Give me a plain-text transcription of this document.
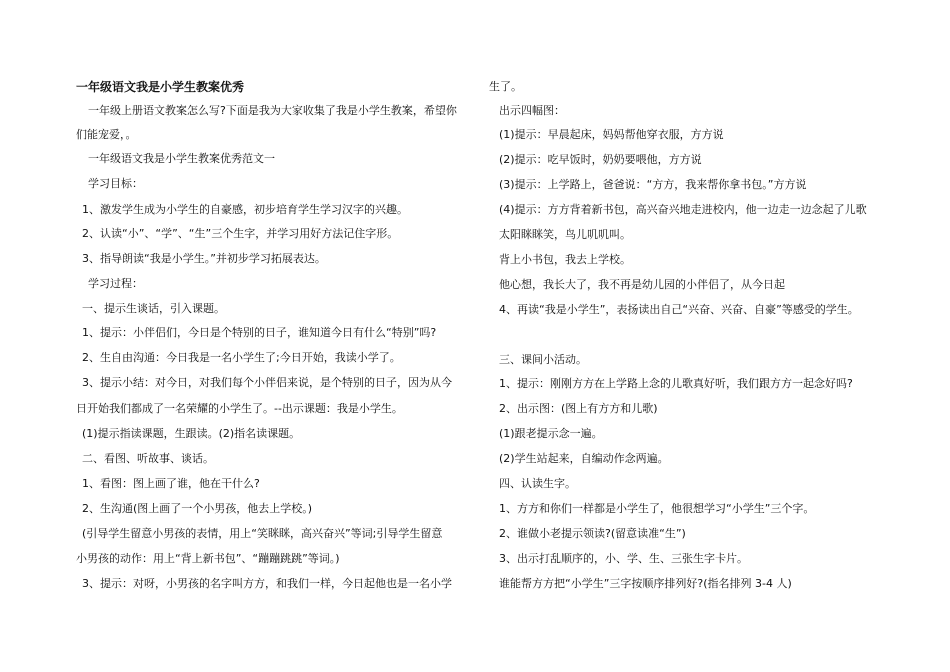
一年级语文我是小学生教案优秀
一年级上册语文教案怎么写?下面是我为大家收集了我是小学生教案，希望你
们能宠爱，。
一年级语文我是小学生教案优秀范文一
学习目标：
1、激发学生成为小学生的自豪感，初步培育学生学习汉字的兴趣。
2、认读“小”、“学”、“生”三个生字，并学习用好方法记住字形。
3、指导朗读“我是小学生。”并初步学习拓展表达。
学习过程：
一、提示生谈话，引入课题。
1、提示：小伴侣们，今日是个特别的日子，谁知道今日有什么“特别”吗?
2、生自由沟通：今日我是一名小学生了;今日开始，我读小学了。
3、提示小结：对今日，对我们每个小伴侣来说，是个特别的日子，因为从今
日开始我们都成了一名荣耀的小学生了。--出示课题：我是小学生。
(1)提示指读课题，生跟读。(2)指名读课题。
二、看图、听故事、谈话。
1、看图：图上画了谁，他在干什么?
2、生沟通(图上画了一个小男孩，他去上学校。)
(引导学生留意小男孩的表情，用上“笑眯眯，高兴奋兴”等词;引导学生留意
小男孩的动作：用上“背上新书包”、“蹦蹦跳跳”等词。)
3、提示：对呀，小男孩的名字叫方方，和我们一样，今日起他也是一名小学
生了。
出示四幅图：
(1)提示：早晨起床，妈妈帮他穿衣服，方方说
(2)提示：吃早饭时，奶奶要喂他，方方说
(3)提示：上学路上，爸爸说：“方方，我来帮你拿书包。”方方说
(4)提示：方方背着新书包，高兴奋兴地走进校内，他一边走一边念起了儿歌
太阳眯眯笑，鸟儿叽叽叫。
背上小书包，我去上学校。
他心想，我长大了，我不再是幼儿园的小伴侣了，从今日起
4、再读“我是小学生”，表扬读出自己“兴奋、兴奋、自豪”等感受的学生。
三、课间小活动。
1、提示：刚刚方方在上学路上念的儿歌真好听，我们跟方方一起念好吗?
2、出示图：(图上有方方和儿歌)
(1)跟老提示念一遍。
(2)学生站起来，自编动作念两遍。
四、认读生字。
1、方方和你们一样都是小学生了，他很想学习“小学生”三个字。
2、谁做小老提示领读?(留意读准“生”)
3、出示打乱顺序的，小、学、生、三张生字卡片。
谁能帮方方把“小学生”三字按顺序排列好?(指名排列 3-4 人)
